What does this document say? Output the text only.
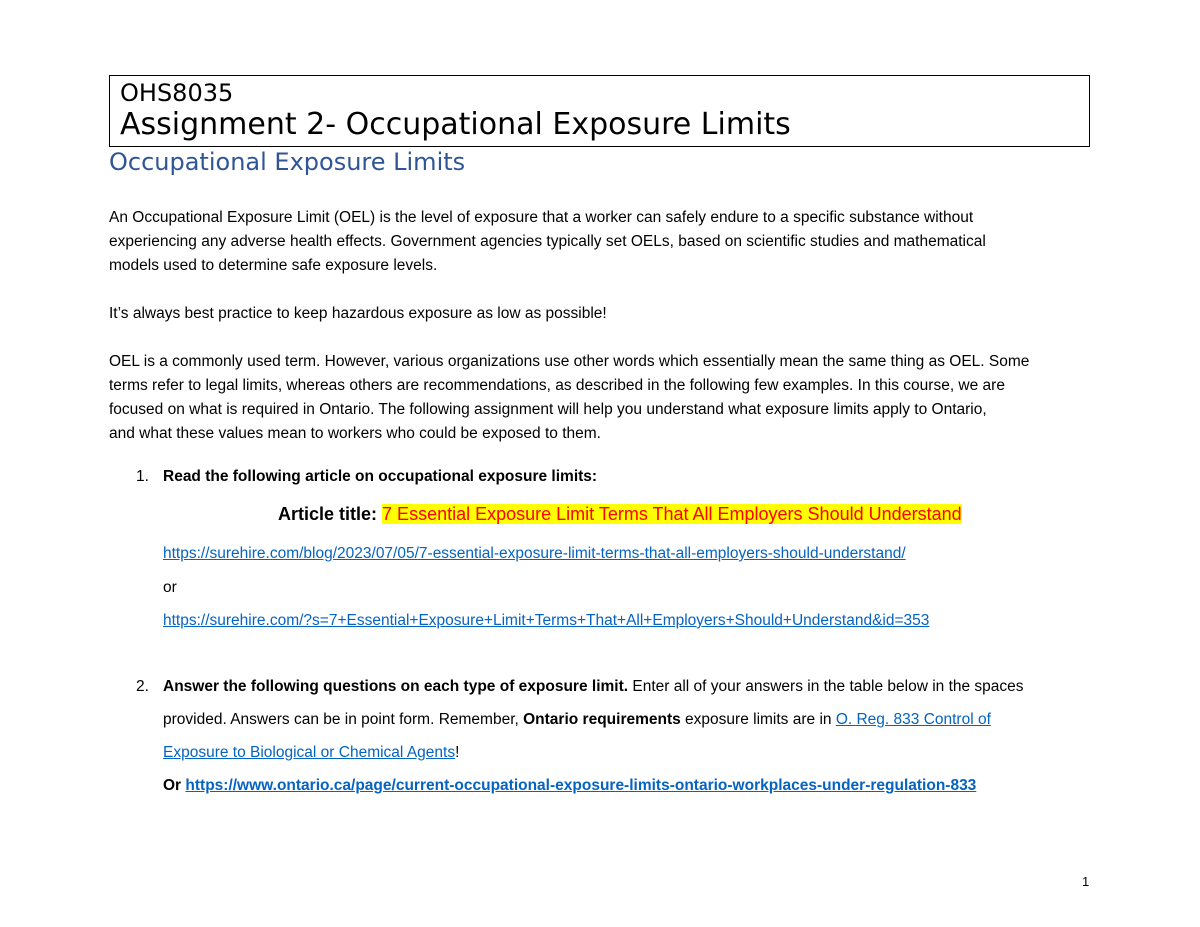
OHS8035
Assignment 2- Occupational Exposure Limits
Occupational Exposure Limits

An Occupational Exposure Limit (OEL) is the level of exposure that a worker can safely endure to a specific substance without
experiencing any adverse health effects. Government agencies typically set OELs, based on scientific studies and mathematical
models used to determine safe exposure levels.

It’s always best practice to keep hazardous exposure as low as possible!

OEL is a commonly used term. However, various organizations use other words which essentially mean the same thing as OEL. Some
terms refer to legal limits, whereas others are recommendations, as described in the following few examples. In this course, we are
focused on what is required in Ontario. The following assignment will help you understand what exposure limits apply to Ontario,
and what these values mean to workers who could be exposed to them.

1. Read the following article on occupational exposure limits:
Article title: 7 Essential Exposure Limit Terms That All Employers Should Understand
https://surehire.com/blog/2023/07/05/7-essential-exposure-limit-terms-that-all-employers-should-understand/
or
https://surehire.com/?s=7+Essential+Exposure+Limit+Terms+That+All+Employers+Should+Understand&id=353
2. Answer the following questions on each type of exposure limit. Enter all of your answers in the table below in the spaces
provided. Answers can be in point form. Remember, Ontario requirements exposure limits are in O. Reg. 833 Control of
Exposure to Biological or Chemical Agents!
Or https://www.ontario.ca/page/current-occupational-exposure-limits-ontario-workplaces-under-regulation-833
1
